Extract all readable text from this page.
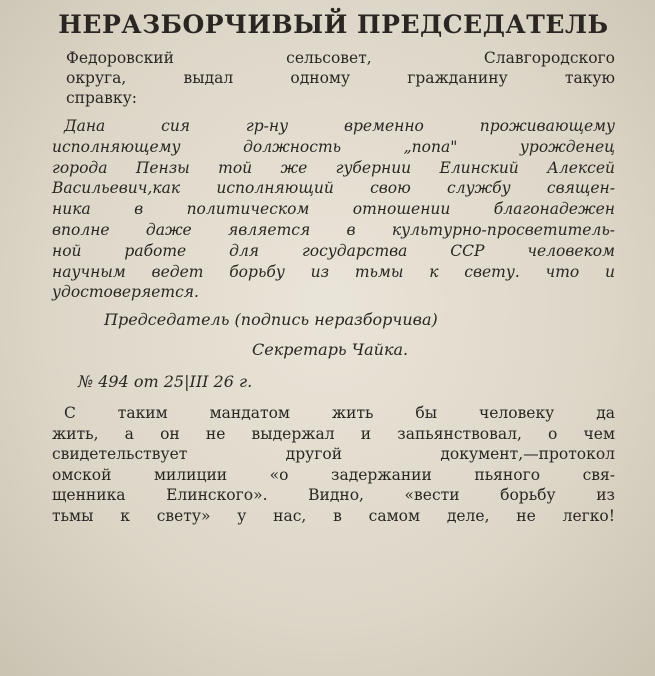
НЕРАЗБОРЧИВЫЙ ПРЕДСЕДАТЕЛЬ
Федоровский сельсовет, Славгородского
округа, выдал одному гражданину такую
справку:
Дана сия гр-ну временно проживающему
исполняющему должность „попа" урожденец
города Пензы той же губернии Елинский Алексей
Васильевич,как исполняющий свою службу священ-
ника в политическом отношении благонадежен
вполне даже является в культурно-просветитель-
ной работе для государства ССР человеком
научным ведет борьбу из тьмы к свету. что и
удостоверяется.
Председатель (подпись неразборчива)
Секретарь Чайка.
№ 494 от 25|III 26 г.
С таким мандатом жить бы человеку да
жить, а он не выдержал и запьянствовал, о чем
свидетельствует другой документ,—протокол
омской милиции «о задержании пьяного свя-
щенника Елинского». Видно, «вести борьбу из
тьмы к свету» у нас, в самом деле, не легко!
